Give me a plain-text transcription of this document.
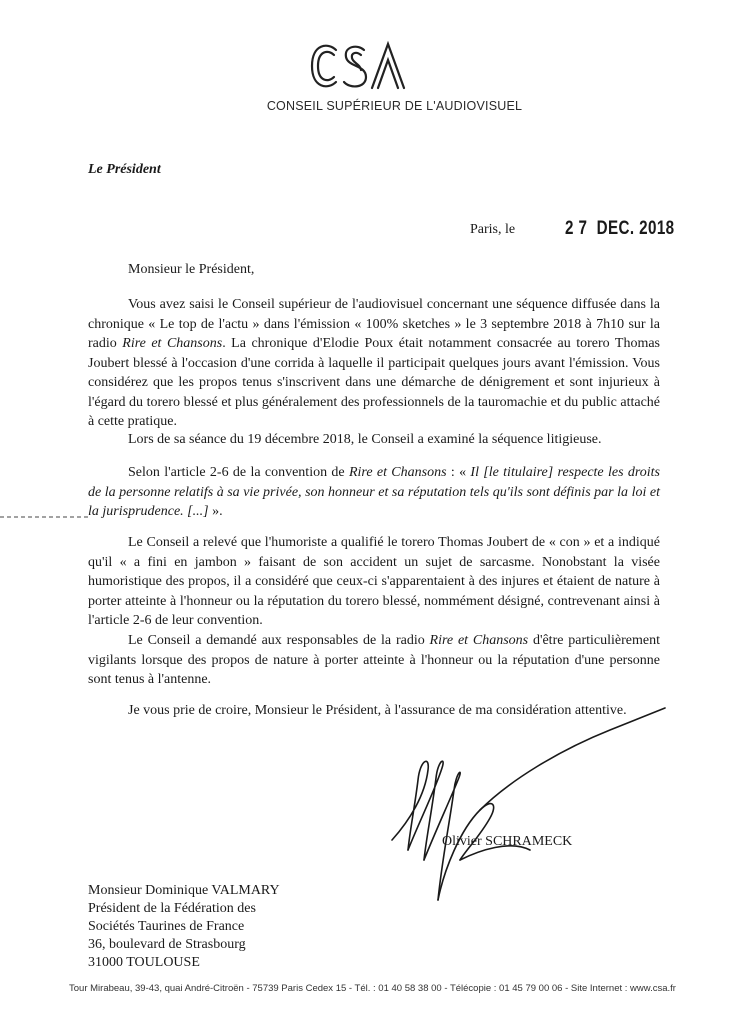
CONSEIL SUPÉRIEUR DE L'AUDIOVISUEL
Le Président
Paris, le	2 7  DEC. 2018
Monsieur le Président,
Vous avez saisi le Conseil supérieur de l'audiovisuel concernant une séquence diffusée dans la chronique « Le top de l'actu » dans l'émission « 100% sketches » le 3 septembre 2018 à 7h10 sur la radio Rire et Chansons. La chronique d'Elodie Poux était notamment consacrée au torero Thomas Joubert blessé à l'occasion d'une corrida à laquelle il participait quelques jours avant l'émission. Vous considérez que les propos tenus s'inscrivent dans une démarche de dénigrement et sont injurieux à l'égard du torero blessé et plus généralement des professionnels de la tauromachie et du public attaché à cette pratique.
Lors de sa séance du 19 décembre 2018, le Conseil a examiné la séquence litigieuse.
Selon l'article 2-6 de la convention de Rire et Chansons : « Il [le titulaire] respecte les droits de la personne relatifs à sa vie privée, son honneur et sa réputation tels qu'ils sont définis par la loi et la jurisprudence. [...] ».
Le Conseil a relevé que l'humoriste a qualifié le torero Thomas Joubert de « con » et a indiqué qu'il « a fini en jambon » faisant de son accident un sujet de sarcasme. Nonobstant la visée humoristique des propos, il a considéré que ceux-ci s'apparentaient à des injures et étaient de nature à porter atteinte à l'honneur ou la réputation du torero blessé, nommément désigné, contrevenant ainsi à l'article 2-6 de leur convention.
Le Conseil a demandé aux responsables de la radio Rire et Chansons d'être particulièrement vigilants lorsque des propos de nature à porter atteinte à l'honneur ou la réputation d'une personne sont tenus à l'antenne.
Je vous prie de croire, Monsieur le Président, à l'assurance de ma considération attentive.
Olivier SCHRAMECK
Monsieur Dominique VALMARY
Président de la Fédération des
Sociétés Taurines de France
36, boulevard de Strasbourg
31000 TOULOUSE
Tour Mirabeau, 39-43, quai André-Citroën - 75739 Paris Cedex 15 - Tél. : 01 40 58 38 00 - Télécopie : 01 45 79 00 06 - Site Internet : www.csa.fr
